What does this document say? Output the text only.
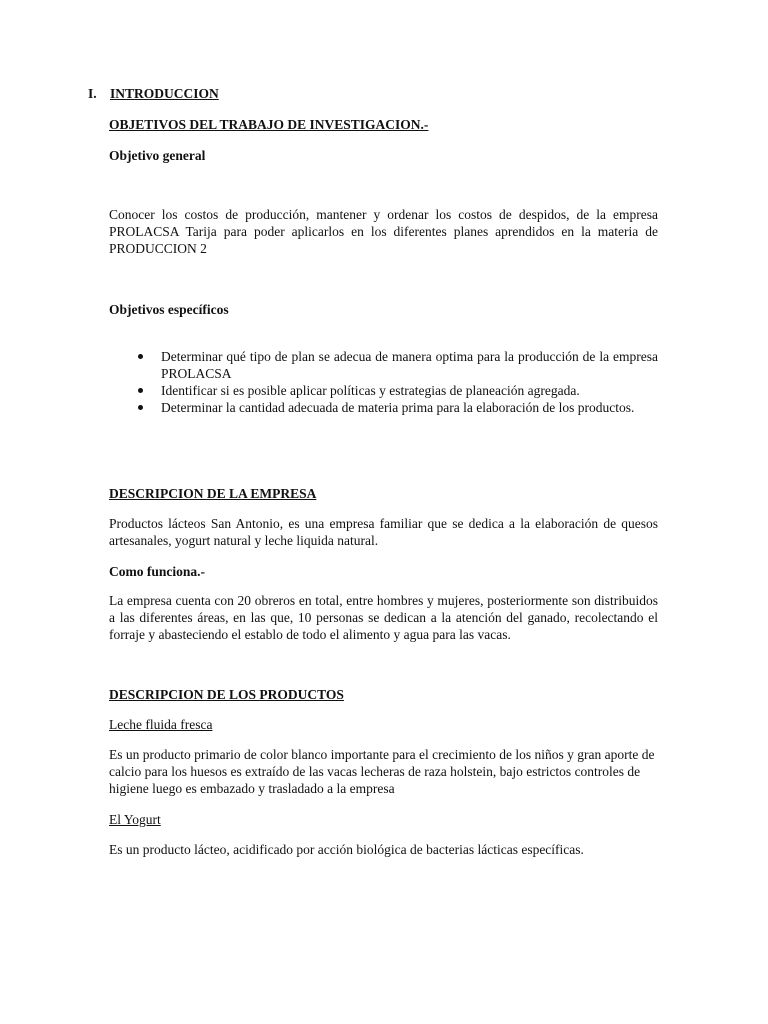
I. INTRODUCCION
OBJETIVOS DEL TRABAJO DE INVESTIGACION.-
Objetivo general
Conocer los costos de producción, mantener y ordenar los costos de despidos, de la empresa PROLACSA Tarija para poder aplicarlos en los diferentes planes aprendidos en la materia de PRODUCCION 2
Objetivos específicos
Determinar qué tipo de plan se adecua de manera optima para la producción de la empresa PROLACSA
Identificar si es posible aplicar políticas y estrategias de planeación agregada.
Determinar la cantidad adecuada de materia prima para la elaboración de los productos.
DESCRIPCION DE LA EMPRESA
Productos lácteos San Antonio, es una empresa familiar que se dedica a la elaboración de quesos artesanales, yogurt natural y leche liquida natural.
Como funciona.-
La empresa cuenta con 20 obreros en total, entre hombres y mujeres, posteriormente son distribuidos a las diferentes áreas, en las que, 10 personas se dedican a la atención del ganado, recolectando el forraje y abasteciendo el establo de todo el alimento y agua para las vacas.
DESCRIPCION DE LOS PRODUCTOS
Leche fluida fresca
Es un producto primario de color blanco importante para el crecimiento de los niños y gran aporte de calcio para los huesos es extraído de las vacas lecheras de raza holstein, bajo estrictos controles de higiene luego es embazado y trasladado a la empresa
El Yogurt
Es un producto lácteo, acidificado por acción biológica de bacterias lácticas específicas.
